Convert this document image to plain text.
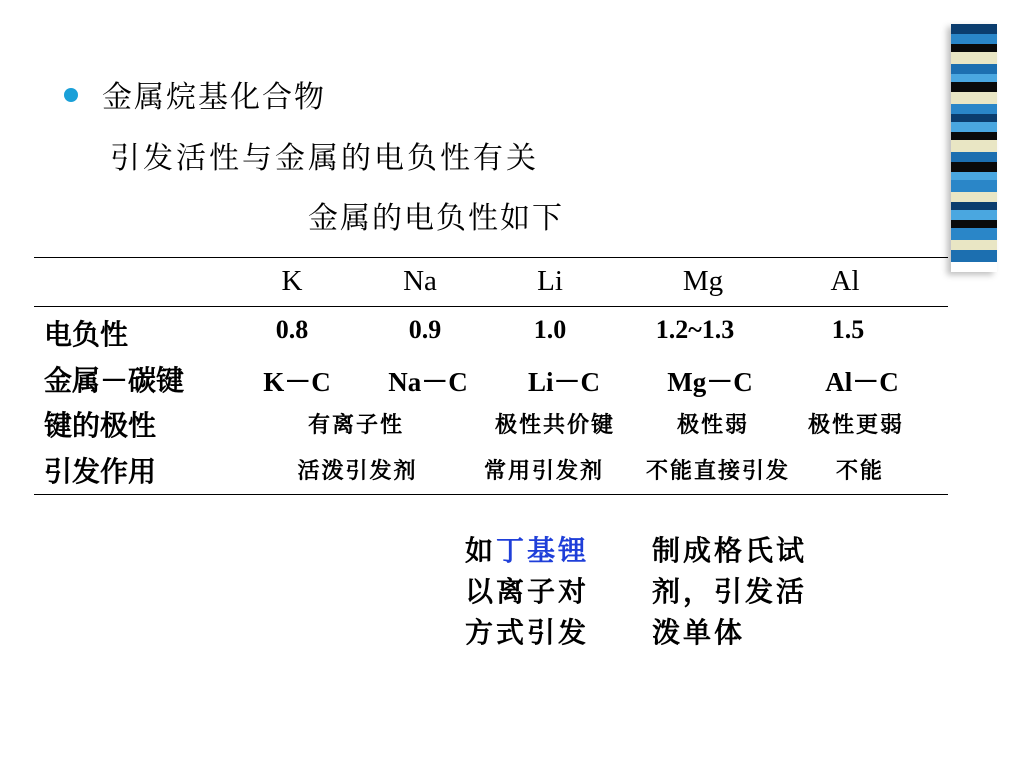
金属烷基化合物
引发活性与金属的电负性有关
金属的电负性如下
K	Na	Li	Mg	Al
电负性	0.8	0.9	1.0	1.2~1.3	1.5
金属－碳键	K－C	Na－C	Li－C	Mg－C	Al－C
键的极性	有离子性	极性共价键	极性弱	极性更弱
引发作用	活泼引发剂	常用引发剂	不能直接引发	不能
如丁基锂
以离子对
方式引发
制成格氏试
剂，引发活
泼单体
